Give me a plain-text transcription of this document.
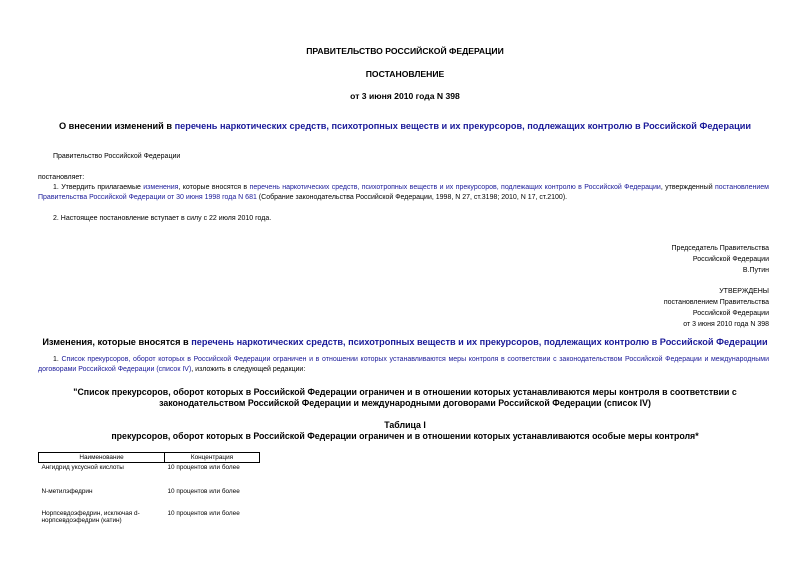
ПРАВИТЕЛЬСТВО РОССИЙСКОЙ ФЕДЕРАЦИИ
ПОСТАНОВЛЕНИЕ
от 3 июня 2010 года N 398
О внесении изменений в перечень наркотических средств, психотропных веществ и их прекурсоров, подлежащих контролю в Российской Федерации
Правительство Российской Федерации
постановляет:
1. Утвердить прилагаемые изменения, которые вносятся в перечень наркотических средств, психотропных веществ и их прекурсоров, подлежащих контролю в Российской Федерации, утвержденный постановлением Правительства Российской Федерации от 30 июня 1998 года N 681 (Собрание законодательства Российской Федерации, 1998, N 27, ст.3198; 2010, N 17, ст.2100).
2. Настоящее постановление вступает в силу с 22 июля 2010 года.
Председатель Правительства
Российской Федерации
В.Путин
УТВЕРЖДЕНЫ
постановлением Правительства
Российской Федерации
от 3 июня 2010 года N 398
Изменения, которые вносятся в перечень наркотических средств, психотропных веществ и их прекурсоров, подлежащих контролю в Российской Федерации
1. Список прекурсоров, оборот которых в Российской Федерации ограничен и в отношении которых устанавливаются меры контроля в соответствии с законодательством Российской Федерации и международными договорами Российской Федерации (список IV), изложить в следующей редакции:
"Список прекурсоров, оборот которых в Российской Федерации ограничен и в отношении которых устанавливаются меры контроля в соответствии с законодательством Российской Федерации и международными договорами Российской Федерации (список IV)
Таблица I
прекурсоров, оборот которых в Российской Федерации ограничен и в отношении которых устанавливаются особые меры контроля*
Наименование	Концентрация
Ангидрид уксусной кислоты	10 процентов или более
N-метилэфедрин	10 процентов или более
Норпсевдоэфедрин, исключая d-норпсевдоэфедрин (катин)	10 процентов или более
